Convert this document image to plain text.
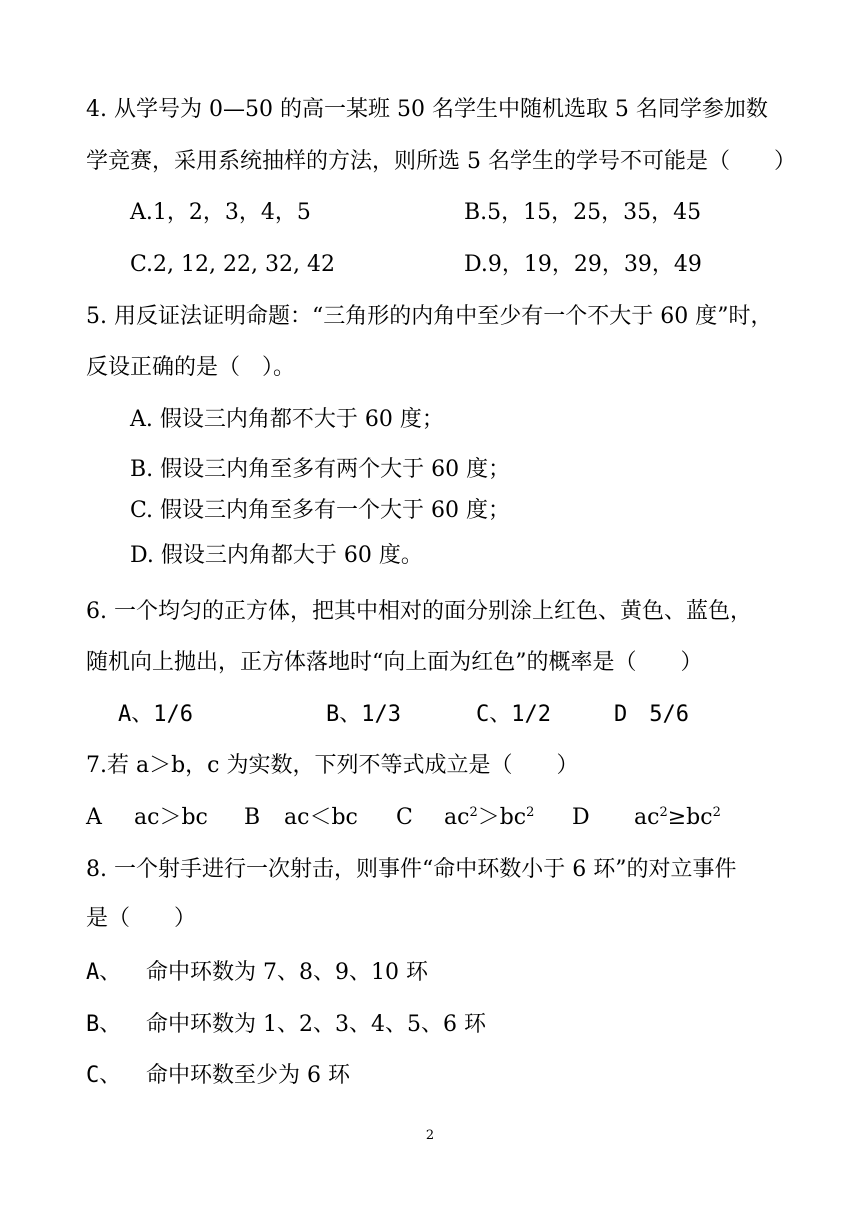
4. 从学号为 0—50 的高一某班 50 名学生中随机选取 5 名同学参加数
学竞赛，采用系统抽样的方法，则所选 5 名学生的学号不可能是（　　）
A.1，2，3，4，5	B.5，15，25，35，45
C.2, 12, 22, 32, 42	D.9，19，29，39，49
5. 用反证法证明命题：“三角形的内角中至少有一个不大于 60 度”时，
反设正确的是（　）。
A. 假设三内角都不大于 60 度；
B. 假设三内角至多有两个大于 60 度；
C. 假设三内角至多有一个大于 60 度；
D. 假设三内角都大于 60 度。
6. 一个均匀的正方体，把其中相对的面分别涂上红色、黄色、蓝色，
随机向上抛出，正方体落地时“向上面为红色”的概率是（　　）
A、1/6	B、1/3	C、1/2	D　5/6
7.若 a＞b，c 为实数，下列不等式成立是（　　）
A ac＞bc B ac＜bc C $ac^2>bc^2$ D $ac^2\ge bc^2$
8. 一个射手进行一次射击，则事件“命中环数小于 6 环”的对立事件
是（　　）
A、 命中环数为 7、8、9、10 环
B、 命中环数为 1、2、3、4、5、6 环
C、 命中环数至少为 6 环
2
